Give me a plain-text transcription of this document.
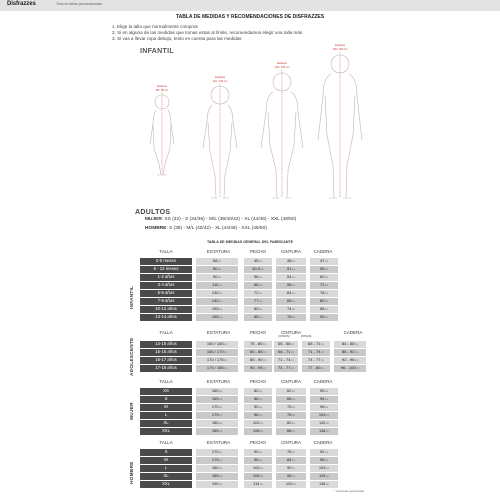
Disfrazzes	Todo en tallas personalizadas
TABLA DE MEDIDAS Y RECOMENDACIONES DE DISFRAZZES
1. Elige la talla que normalmente compras
2. Si en alguna de las medidas que tomas estas al límite, recomendamos elegir una talla más
3. Si vas a llevar ropa debajo, tenlo en cuenta para las medidas
INFANTIL
Estatura
68 / 95 cm
Estatura
110 / 130 cm
Estatura
140 / 165 cm
Estatura
165 / 180 cm
ADULTOS
MUJER: XS (32) - S (34/36) - M/L (38/40/42) - XL (44/46) - XXL (48/50)
HOMBRE: S (38) - M/L (40/42) - XL (44/46) - XXL (48/50)
TABLA DE MEDIDAS GENERAL DEL FABRICANTE
TALLA	ESTATURA	PECHO	CINTURA	CADERA
0-6 meses	68cm	45cm	48cm	47cm
6 - 12 meses	80cm	50.5cm	51cm	58cm
1-2 años	90cm	56cm	54cm	60cm
3-4 años	110cm	66cm	58cm	71cm
5-6 años	130cm	72cm	64cm	78cm
7-9 años	140cm	77cm	68cm	80cm
10-12 años	155cm	80cm	74cm	88cm
13-14 años	165cm	85cm	78cm	90cm
INFANTIL
TALLA	ESTATURA	PECHO	CINTURA	CADERA
(CHICOS)	(CHICAS)
14-15 años	160 / 165cm	75 - 80cm	65 - 68cm	68 - 71cm	84 - 88cm
15-16 años	165 / 170cm	80 - 85cm	68 - 71cm	71 - 74cm	88 - 92cm
16-17 años	170 / 175cm	85 - 90cm	71 - 74cm	74 - 77cm	92 - 96cm
17-18 años	175 / 185cm	90 - 95cm	74 - 77cm	77 - 80cm	96 - 100cm
ADOLESCENTE
TALLA	ESTATURA	PECHO	CINTURA	CADERA
XS	160cm	82cm	62cm	90cm
S	165cm	86cm	66cm	94cm
M	170cm	90cm	70cm	98cm
L	175cm	96cm	76cm	104cm
XL	180cm	102cm	82cm	110cm
XXL	185cm	108cm	88cm	116cm
MUJER
TALLA	ESTATURA	PECHO	CINTURA	CADERA
S	170cm	90cm	78cm	92cm
M	175cm	96cm	84cm	98cm
L	180cm	102cm	90cm	104cm
XL	185cm	108cm	96cm	110cm
XXL	190cm	114cm	102cm	116cm
HOMBRE
* Contenido aproximado
